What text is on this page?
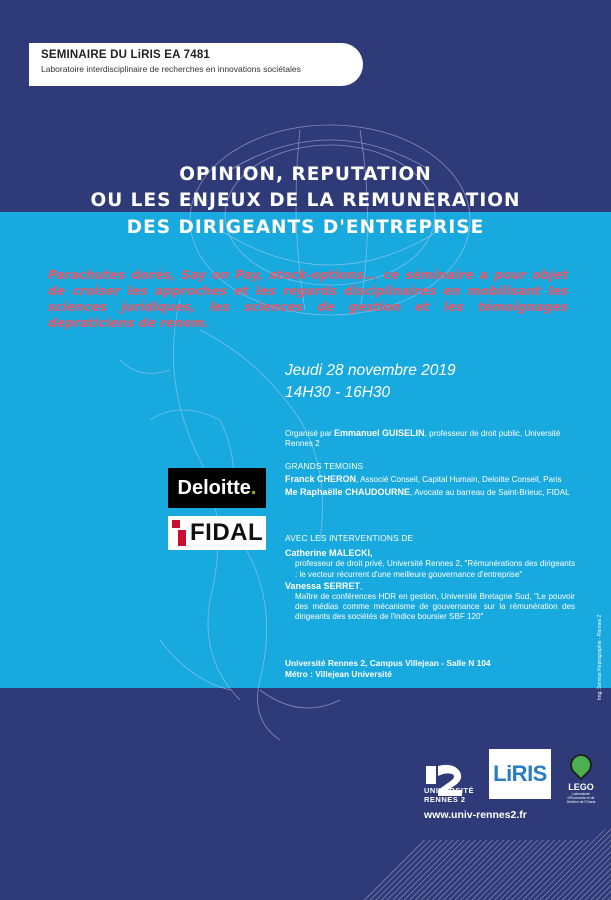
SEMINAIRE DU LiRIS EA 7481
Laboratoire interdisciplinaire de recherches en innovations sociétales
OPINION, REPUTATION
OU LES ENJEUX DE LA REMUNERATION
DES DIRIGEANTS D'ENTREPRISE
Parachutes dorés, Say on Pay, stock-options... ce séminaire a pour objet de croiser les approches et les regards disciplinaires en mobilisant les sciences juridiques, les sciences de gestion et les témoignages depraticiens de renom.
Jeudi 28 novembre 2019
14H30 - 16H30
Organisé par Emmanuel GUISELIN, professeur de droit public, Université Rennes 2
GRANDS TEMOINS
Franck CHERON, Associé Conseil, Capital Humain, Deloitte Conseil, Paris
Me Raphaëlle CHAUDOURNE, Avocate au barreau de Saint-Brieuc, FIDAL
AVEC LES INTERVENTIONS DE
Catherine MALECKI,
professeur de droit privé, Université Rennes 2, "Rémunérations des dirigeants : le vecteur récurrent d'une meilleure gouvernance d'entreprise"
Vanessa SERRET,
Maître de conférences HDR en gestion, Université Bretagne Sud, "Le pouvoir des médias comme mécanisme de gouvernance sur la rémunération des dirigeants des sociétés de l'indice boursier SBF 120"
Université Rennes 2, Campus Villejean - Salle N 104
Métro : Villejean Université
Deloitte .
FIDAL
Img. Service Reprographie - Rennes 2
UNIVERSITÉ
RENNES 2
www.univ-rennes2.fr
LiRIS
LEGO
Laboratoire d'Économie et de Gestion de l'Ouest
